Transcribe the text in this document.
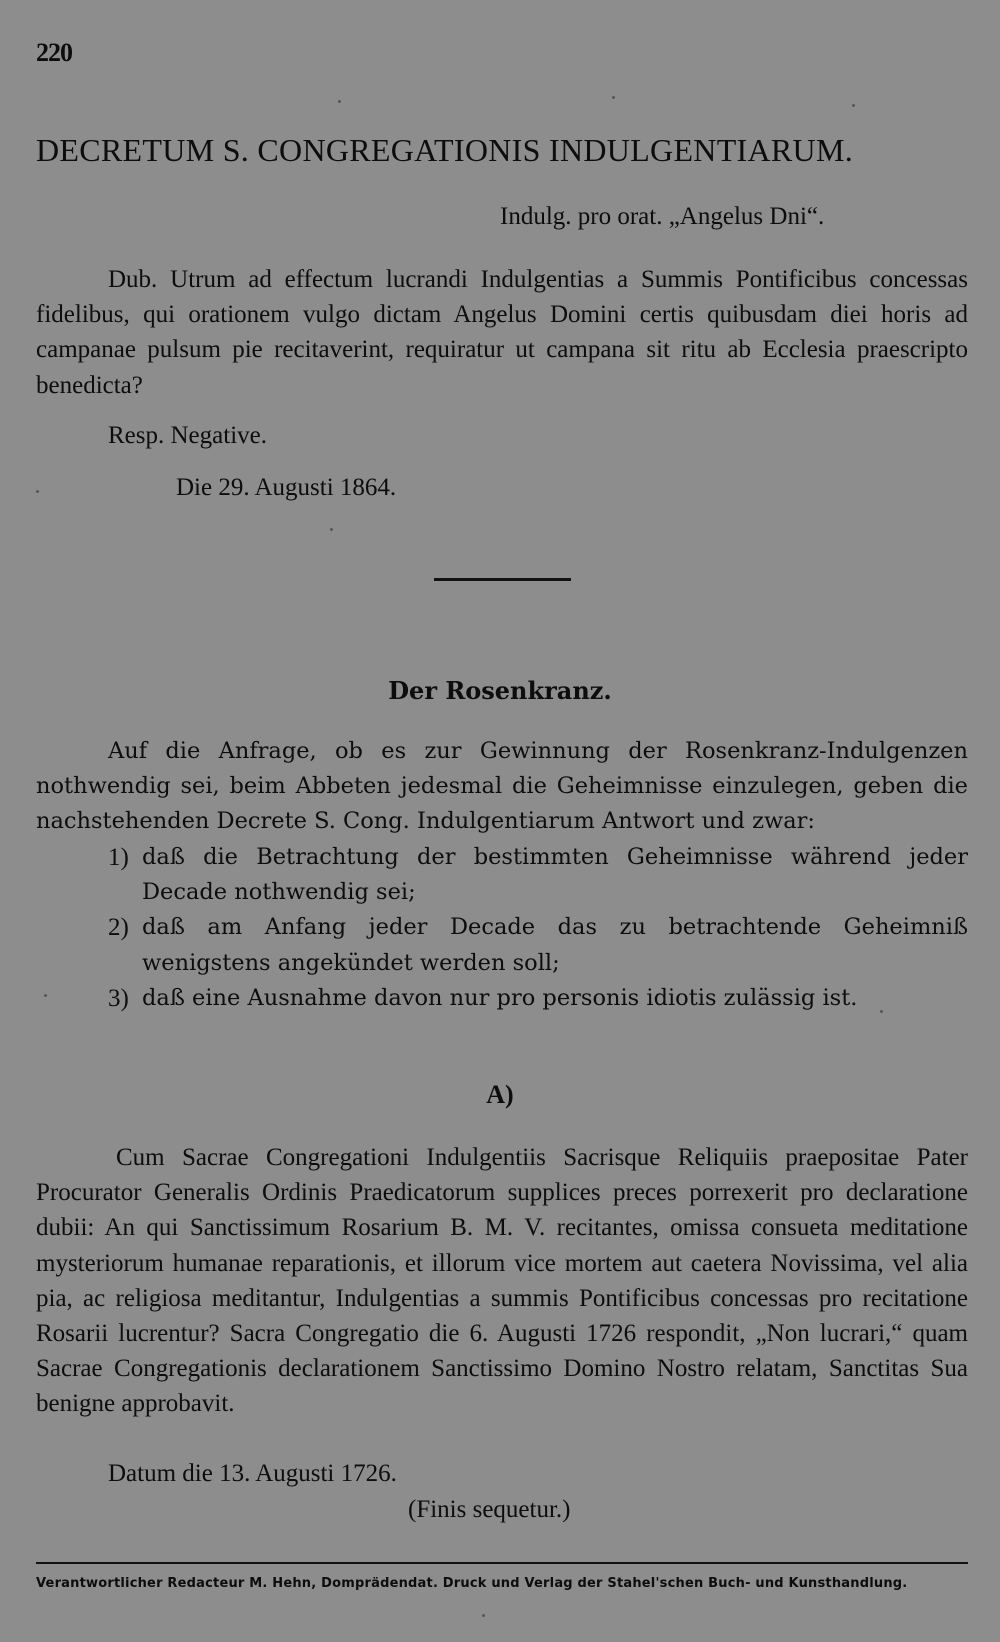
220
DECRETUM S. CONGREGATIONIS INDULGENTIARUM.
Indulg. pro orat. „Angelus Dni“.
Dub. Utrum ad effectum lucrandi Indulgentias a Summis Pontificibus concessas fidelibus, qui orationem vulgo dictam Angelus Domini certis quibusdam diei horis ad campanae pulsum pie recitaverint, requiratur ut campana sit ritu ab Ecclesia praescripto benedicta?
Resp. Negative.
Die 29. Augusti 1864.
Der Rosenkranz.
Auf die Anfrage, ob es zur Gewinnung der Rosenkranz-Indulgenzen nothwendig sei, beim Abbeten jedesmal die Geheimnisse einzulegen, geben die nachstehenden Decrete S. Cong. Indulgentiarum Antwort und zwar:
1) daß die Betrachtung der bestimmten Geheimnisse während jeder Decade nothwendig sei;
2) daß am Anfang jeder Decade das zu betrachtende Geheimniß wenigstens angekündet werden soll;
3) daß eine Ausnahme davon nur pro personis idiotis zulässig ist.
A)
Cum Sacrae Congregationi Indulgentiis Sacrisque Reliquiis praepositae Pater Procurator Generalis Ordinis Praedicatorum supplices preces porrexerit pro declaratione dubii: An qui Sanctissimum Rosarium B. M. V. recitantes, omissa consueta meditatione mysteriorum humanae reparationis, et illorum vice mortem aut caetera Novissima, vel alia pia, ac religiosa meditantur, Indulgentias a summis Pontificibus concessas pro recitatione Rosarii lucrentur? Sacra Congregatio die 6. Augusti 1726 respondit, „Non lucrari,“ quam Sacrae Congregationis declarationem Sanctissimo Domino Nostro relatam, Sanctitas Sua benigne approbavit.
Datum die 13. Augusti 1726.
(Finis sequetur.)
Verantwortlicher Redacteur M. Hehn, Domprädendat. Druck und Verlag der Stahel'schen Buch- und Kunsthandlung.
